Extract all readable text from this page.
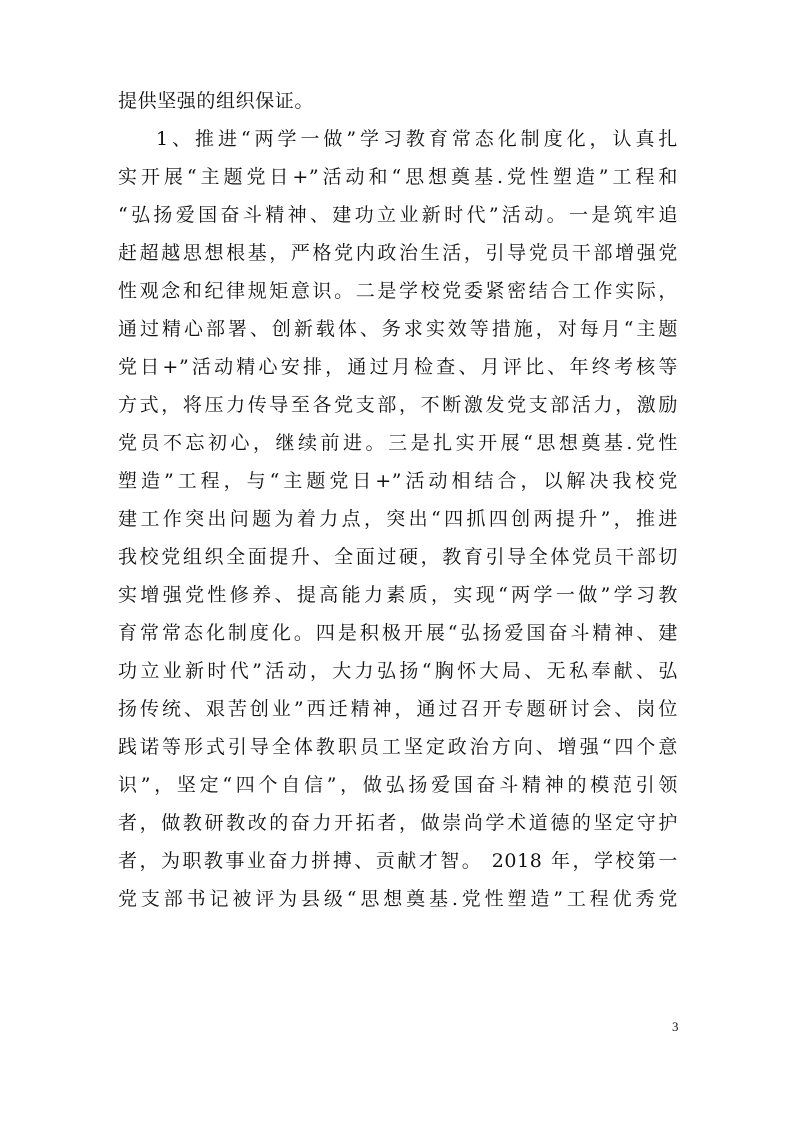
提供坚强的组织保证。
1、推进“两学一做”学习教育常态化制度化，认真扎
实开展“主题党日+”活动和“思想奠基.党性塑造”工程和
“弘扬爱国奋斗精神、建功立业新时代”活动。一是筑牢追
赶超越思想根基，严格党内政治生活，引导党员干部增强党
性观念和纪律规矩意识。二是学校党委紧密结合工作实际，
通过精心部署、创新载体、务求实效等措施，对每月“主题
党日+”活动精心安排，通过月检查、月评比、年终考核等
方式，将压力传导至各党支部，不断激发党支部活力，激励
党员不忘初心，继续前进。三是扎实开展“思想奠基.党性
塑造”工程，与“主题党日+”活动相结合，以解决我校党
建工作突出问题为着力点，突出“四抓四创两提升”，推进
我校党组织全面提升、全面过硬，教育引导全体党员干部切
实增强党性修养、提高能力素质，实现“两学一做”学习教
育常常态化制度化。四是积极开展“弘扬爱国奋斗精神、建
功立业新时代”活动，大力弘扬“胸怀大局、无私奉献、弘
扬传统、艰苦创业”西迁精神，通过召开专题研讨会、岗位
践诺等形式引导全体教职员工坚定政治方向、增强“四个意
识”，坚定“四个自信”，做弘扬爱国奋斗精神的模范引领
者，做教研教改的奋力开拓者，做崇尚学术道德的坚定守护
者，为职教事业奋力拼搏、贡献才智。 2018 年，学校第一
党支部书记被评为县级“思想奠基.党性塑造”工程优秀党
3
